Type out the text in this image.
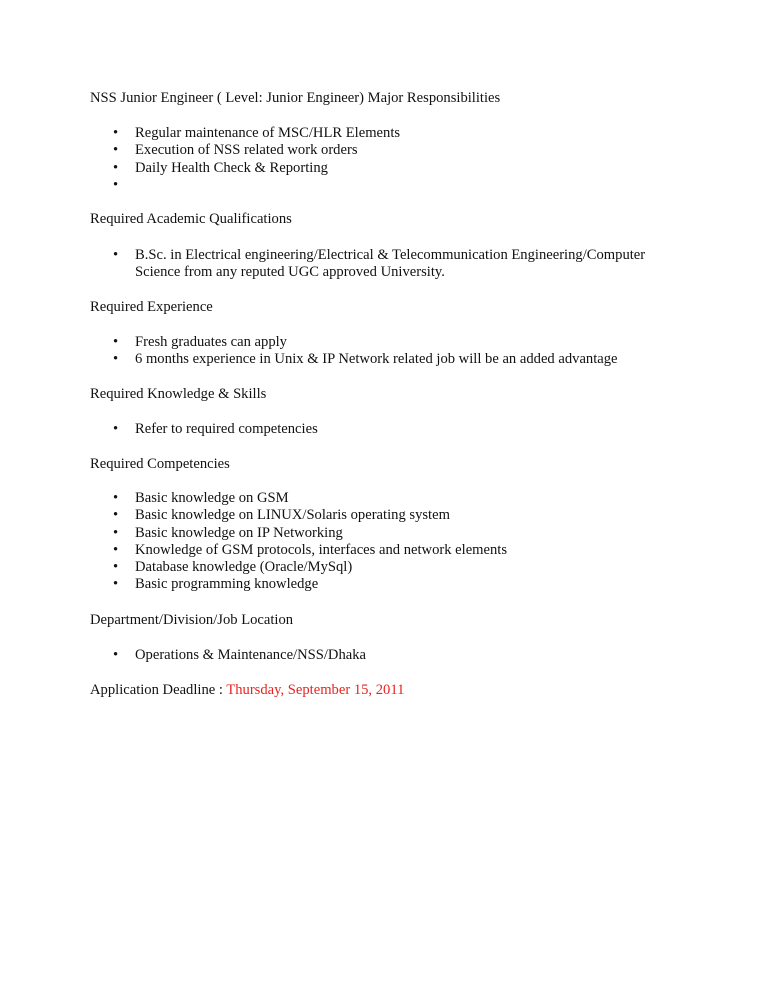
NSS Junior Engineer ( Level: Junior Engineer) Major Responsibilities
• Regular maintenance of MSC/HLR Elements
• Execution of NSS related work orders
• Daily Health Check & Reporting
•

Required Academic Qualifications
• B.Sc. in Electrical engineering/Electrical & Telecommunication Engineering/Computer Science from any reputed UGC approved University.
Required Experience
• Fresh graduates can apply
• 6 months experience in Unix & IP Network related job will be an added advantage
Required Knowledge & Skills
• Refer to required competencies
Required Competencies
• Basic knowledge on GSM
• Basic knowledge on LINUX/Solaris operating system
• Basic knowledge on IP Networking
• Knowledge of GSM protocols, interfaces and network elements
• Database knowledge (Oracle/MySql)
• Basic programming knowledge
Department/Division/Job Location
• Operations & Maintenance/NSS/Dhaka
Application Deadline : Thursday, September 15, 2011
